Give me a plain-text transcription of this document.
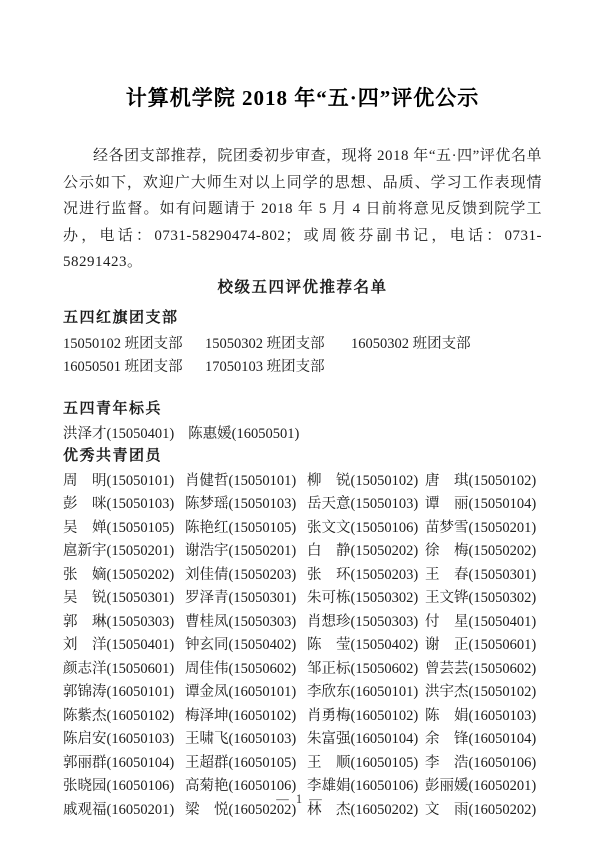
计算机学院 2018 年“五·四”评优公示

经各团支部推荐，院团委初步审查，现将 2018 年“五·四”评优名单公示如下，欢迎广大师生对以上同学的思想、品质、学习工作表现情况进行监督。如有问题请于 2018 年 5 月 4 日前将意见反馈到院学工办，电话：0731-58290474-802；或周筱芬副书记，电话：0731-58291423。

校级五四评优推荐名单
五四红旗团支部
15050102 班团支部	15050302 班团支部	16050302 班团支部
16050501 班团支部	17050103 班团支部
五四青年标兵
洪泽才(15050401) 陈惠媛(16050501)
优秀共青团员
周　明(15050101) 肖健哲(15050101) 柳　锐(15050102) 唐　琪(15050102)
彭　咪(15050103) 陈梦瑶(15050103) 岳天意(15050103) 谭　丽(15050104)
吴　婵(15050105) 陈艳红(15050105) 张文文(15050106) 苗梦雪(15050201)
扈新宇(15050201) 谢浩宇(15050201) 白　静(15050202) 徐　梅(15050202)
张　嫡(15050202) 刘佳倩(15050203) 张　环(15050203) 王　春(15050301)
吴　锐(15050301) 罗泽青(15050301) 朱可栋(15050302) 王文铧(15050302)
郭　琳(15050303) 曹桂凤(15050303) 肖想珍(15050303) 付　星(15050401)
刘　洋(15050401) 钟玄同(15050402) 陈　莹(15050402) 谢　正(15050601)
颜志洋(15050601) 周佳伟(15050602) 邹正标(15050602) 曾芸芸(15050602)
郭锦涛(16050101) 谭金凤(16050101) 李欣东(16050101) 洪宇杰(15050102)
陈紫杰(16050102) 梅泽坤(16050102) 肖勇梅(16050102) 陈　娟(16050103)
陈启安(16050103) 王啸飞(16050103) 朱富强(16050104) 余　锋(16050104)
郭丽群(16050104) 王超群(16050105) 王　顺(16050105) 李　浩(16050106)
张晓园(16050106) 高菊艳(16050106) 李雄娟(16050106) 彭丽媛(16050201)
戚观福(16050201) 梁　悦(16050202) 林　杰(16050202) 文　雨(16050202)
— 1 —
